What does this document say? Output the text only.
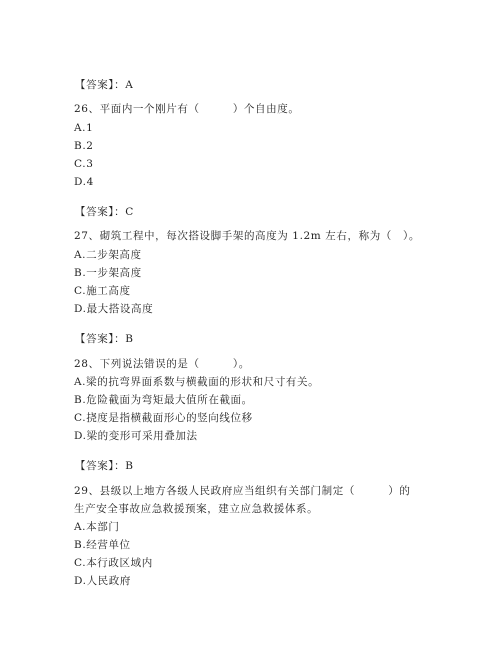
【答案】：A
26、平面内一个刚片有（　　　）个自由度。
A.1
B.2
C.3
D.4
【答案】：C
27、砌筑工程中，每次搭设脚手架的高度为 1.2m 左右，称为（　）。
A.二步架高度
B.一步架高度
C.施工高度
D.最大搭设高度
【答案】：B
28、下列说法错误的是（　　　）。
A.梁的抗弯界面系数与横截面的形状和尺寸有关。
B.危险截面为弯矩最大值所在截面。
C.挠度是指横截面形心的竖向线位移
D.梁的变形可采用叠加法
【答案】：B
29、县级以上地方各级人民政府应当组织有关部门制定（　　　）的
生产安全事故应急救援预案，建立应急救援体系。
A.本部门
B.经营单位
C.本行政区域内
D.人民政府
